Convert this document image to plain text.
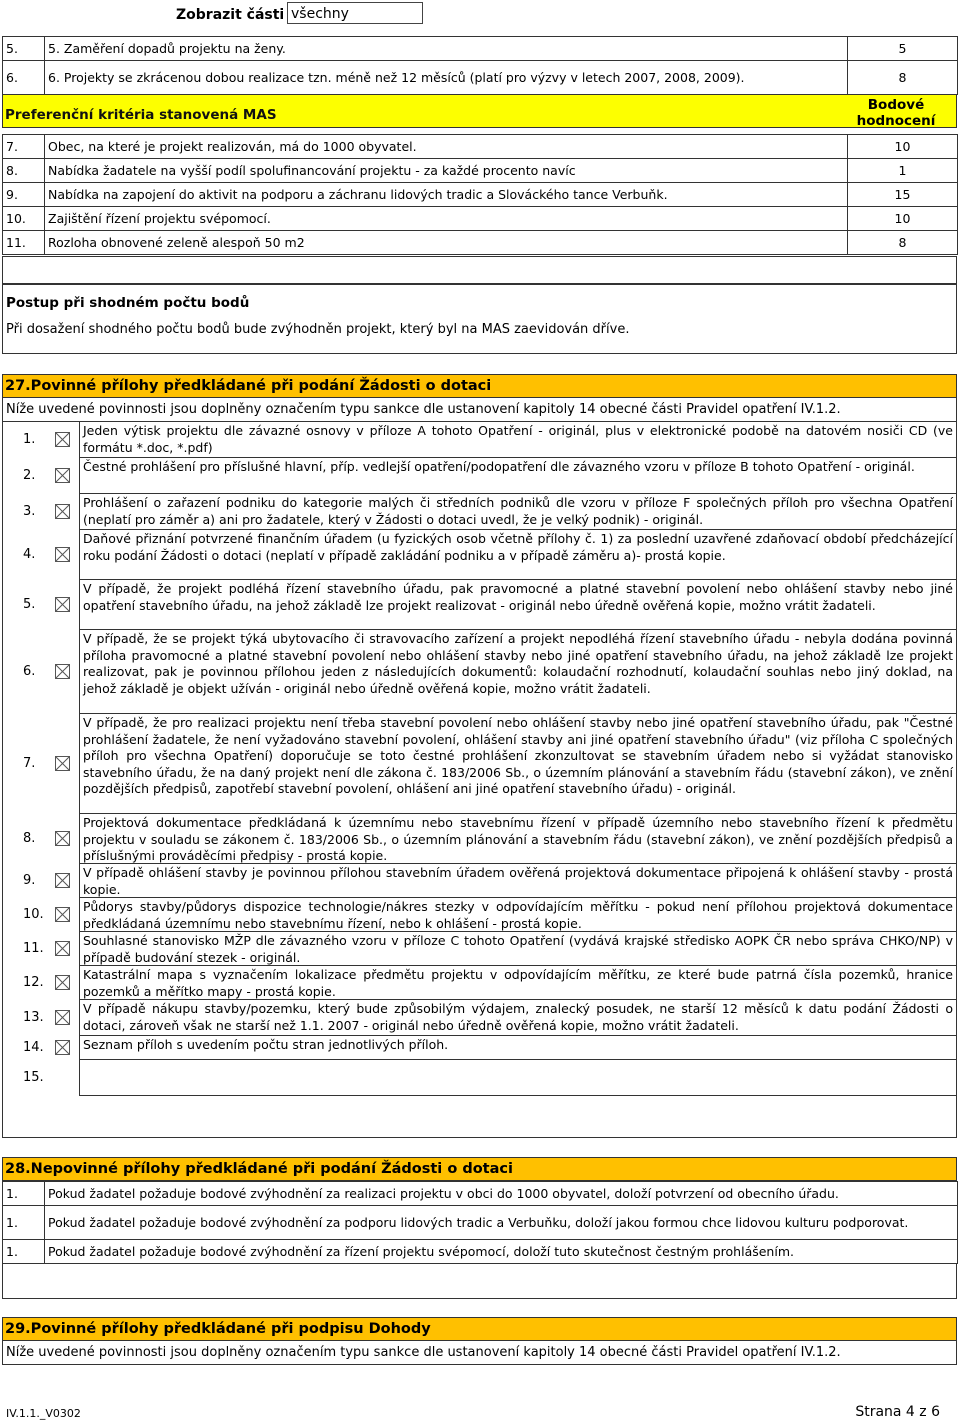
Zobrazit části všechny
5.	5. Zaměření dopadů projektu na ženy.	5
6.	6. Projekty se zkrácenou dobou realizace tzn. méně než 12 měsíců (platí pro výzvy v letech 2007, 2008, 2009).	8
Preferenční kritéria stanovená MAS
Bodové hodnocení
7.	Obec, na které je projekt realizován, má do 1000 obyvatel.	10
8.	Nabídka žadatele na vyšší podíl spolufinancování projektu - za každé procento navíc	1
9.	Nabídka na zapojení do aktivit na podporu a záchranu lidových tradic a Slováckého tance Verbuňk.	15
10.	Zajištění řízení projektu svépomocí.	10
11.	Rozloha obnovené zeleně alespoň 50 m2	8
Postup při shodném počtu bodů
Při dosažení shodného počtu bodů bude zvýhodněn projekt, který byl na MAS zaevidován dříve.
27.Povinné přílohy předkládané při podání Žádosti o dotaci
Níže uvedené povinnosti jsou doplněny označením typu sankce dle ustanovení kapitoly 14 obecné části Pravidel opatření IV.1.2.
1.
Jeden výtisk projektu dle závazné osnovy v příloze A tohoto Opatření - originál, plus v elektronické podobě na datovém nosiči CD (ve formátu *.doc, *.pdf)
2.
Čestné prohlášení pro příslušné hlavní, příp. vedlejší opatření/podopatření dle závazného vzoru v příloze B tohoto Opatření - originál.
3.
Prohlášení o zařazení podniku do kategorie malých či středních podniků dle vzoru v příloze F společných příloh pro všechna Opatření (neplatí pro záměr a) ani pro žadatele, který v Žádosti o dotaci uvedl, že je velký podnik) - originál.
4.
Daňové přiznání potvrzené finančním úřadem (u fyzických osob včetně přílohy č. 1) za poslední uzavřené zdaňovací období předcházející roku podání Žádosti o dotaci (neplatí v případě zakládání podniku a v případě záměru a)- prostá kopie.
5.
V případě, že projekt podléhá řízení stavebního úřadu, pak pravomocné a platné stavební povolení nebo ohlášení stavby nebo jiné opatření stavebního úřadu, na jehož základě lze projekt realizovat - originál nebo úředně ověřená kopie, možno vrátit žadateli.
6.
V případě, že se projekt týká ubytovacího či stravovacího zařízení a projekt nepodléhá řízení stavebního úřadu - nebyla dodána povinná příloha pravomocné a platné stavební povolení nebo ohlášení stavby nebo jiné opatření stavebního úřadu, na jehož základě lze projekt realizovat, pak je povinnou přílohou jeden z následujících dokumentů: kolaudační rozhodnutí, kolaudační souhlas nebo jiný doklad, na jehož základě je objekt užíván - originál nebo úředně ověřená kopie, možno vrátit žadateli.
7.
V případě, že pro realizaci projektu není třeba stavební povolení nebo ohlášení stavby nebo jiné opatření stavebního úřadu, pak "Čestné prohlášení žadatele, že není vyžadováno stavební povolení, ohlášení stavby ani jiné opatření stavebního úřadu" (viz příloha C společných příloh pro všechna Opatření) doporučuje se toto čestné prohlášení zkonzultovat se stavebním úřadem nebo si vyžádat stanovisko stavebního úřadu, že na daný projekt není dle zákona č. 183/2006 Sb., o územním plánování a stavebním řádu (stavební zákon), ve znění pozdějších předpisů, zapotřebí stavební povolení, ohlášení ani jiné opatření stavebního úřadu) - originál.
8.
Projektová dokumentace předkládaná k územnímu nebo stavebnímu řízení v případě územního nebo stavebního řízení k předmětu projektu v souladu se zákonem č. 183/2006 Sb., o územním plánování a stavebním řádu (stavební zákon), ve znění pozdějších předpisů a příslušnými prováděcími předpisy - prostá kopie.
9.
V případě ohlášení stavby je povinnou přílohou stavebním úřadem ověřená projektová dokumentace připojená k ohlášení stavby - prostá kopie.
10.
Půdorys stavby/půdorys dispozice technologie/nákres stezky v odpovídajícím měřítku - pokud není přílohou projektová dokumentace předkládaná územnímu nebo stavebnímu řízení, nebo k ohlášení - prostá kopie.
11.
Souhlasné stanovisko MŽP dle závazného vzoru v příloze C tohoto Opatření (vydává krajské středisko AOPK ČR nebo správa CHKO/NP) v případě budování stezek - originál.
12.
Katastrální mapa s vyznačením lokalizace předmětu projektu v odpovídajícím měřítku, ze které bude patrná čísla pozemků, hranice pozemků a měřítko mapy - prostá kopie.
13.
V případě nákupu stavby/pozemku, který bude způsobilým výdajem, znalecký posudek, ne starší 12 měsíců k datu podání Žádosti o dotaci, zároveň však ne starší než 1.1. 2007 - originál nebo úředně ověřená kopie, možno vrátit žadateli.
14.	Seznam příloh s uvedením počtu stran jednotlivých příloh.
15.
28.Nepovinné přílohy předkládané při podání Žádosti o dotaci
1.	Pokud žadatel požaduje bodové zvýhodnění za realizaci projektu v obci do 1000 obyvatel, doloží potvrzení od obecního úřadu.
1.	Pokud žadatel požaduje bodové zvýhodnění za podporu lidových tradic a Verbuňku, doloží jakou formou chce lidovou kulturu podporovat.
1.	Pokud žadatel požaduje bodové zvýhodnění za řízení projektu svépomocí, doloží tuto skutečnost čestným prohlášením.
29.Povinné přílohy předkládané při podpisu Dohody
Níže uvedené povinnosti jsou doplněny označením typu sankce dle ustanovení kapitoly 14 obecné části Pravidel opatření IV.1.2.
IV.1.1._V0302	Strana 4 z 6
